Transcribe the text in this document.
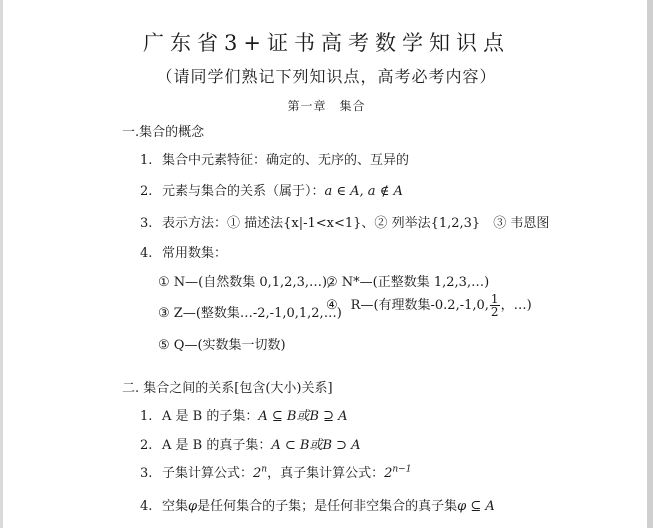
广东省3+证书高考数学知识点
（请同学们熟记下列知识点，高考必考内容）
第一章　集合
一.集合的概念
1. 集合中元素特征：确定的、无序的、互异的
2. 元素与集合的关系（属于）：a ∈ A, a ∉ A
3. 表示方法：① 描述法{x|-1<x<1}、② 列举法{1,2,3}　③ 韦恩图
4. 常用数集：
① N—(自然数集 0,1,2,3,…),
② N*—(正整数集 1,2,3,…)
③ Z—(整数集…-2,-1,0,1,2,…)
④　R—(有理数集-0.2,-1,0, $\frac{1}{2}$ ，…)
⑤ Q—(实数集一切数)
二. 集合之间的关系[包含(大小)关系]
1. A 是 B 的子集：A ⊆ B或B ⊇ A
2. A 是 B 的真子集：A ⊂ B或B ⊃ A
3. 子集计算公式：2$^n$，真子集计算公式：$2^{n-1}$
4. 空集φ是任何集合的子集；是任何非空集合的真子集φ ⊆ A
